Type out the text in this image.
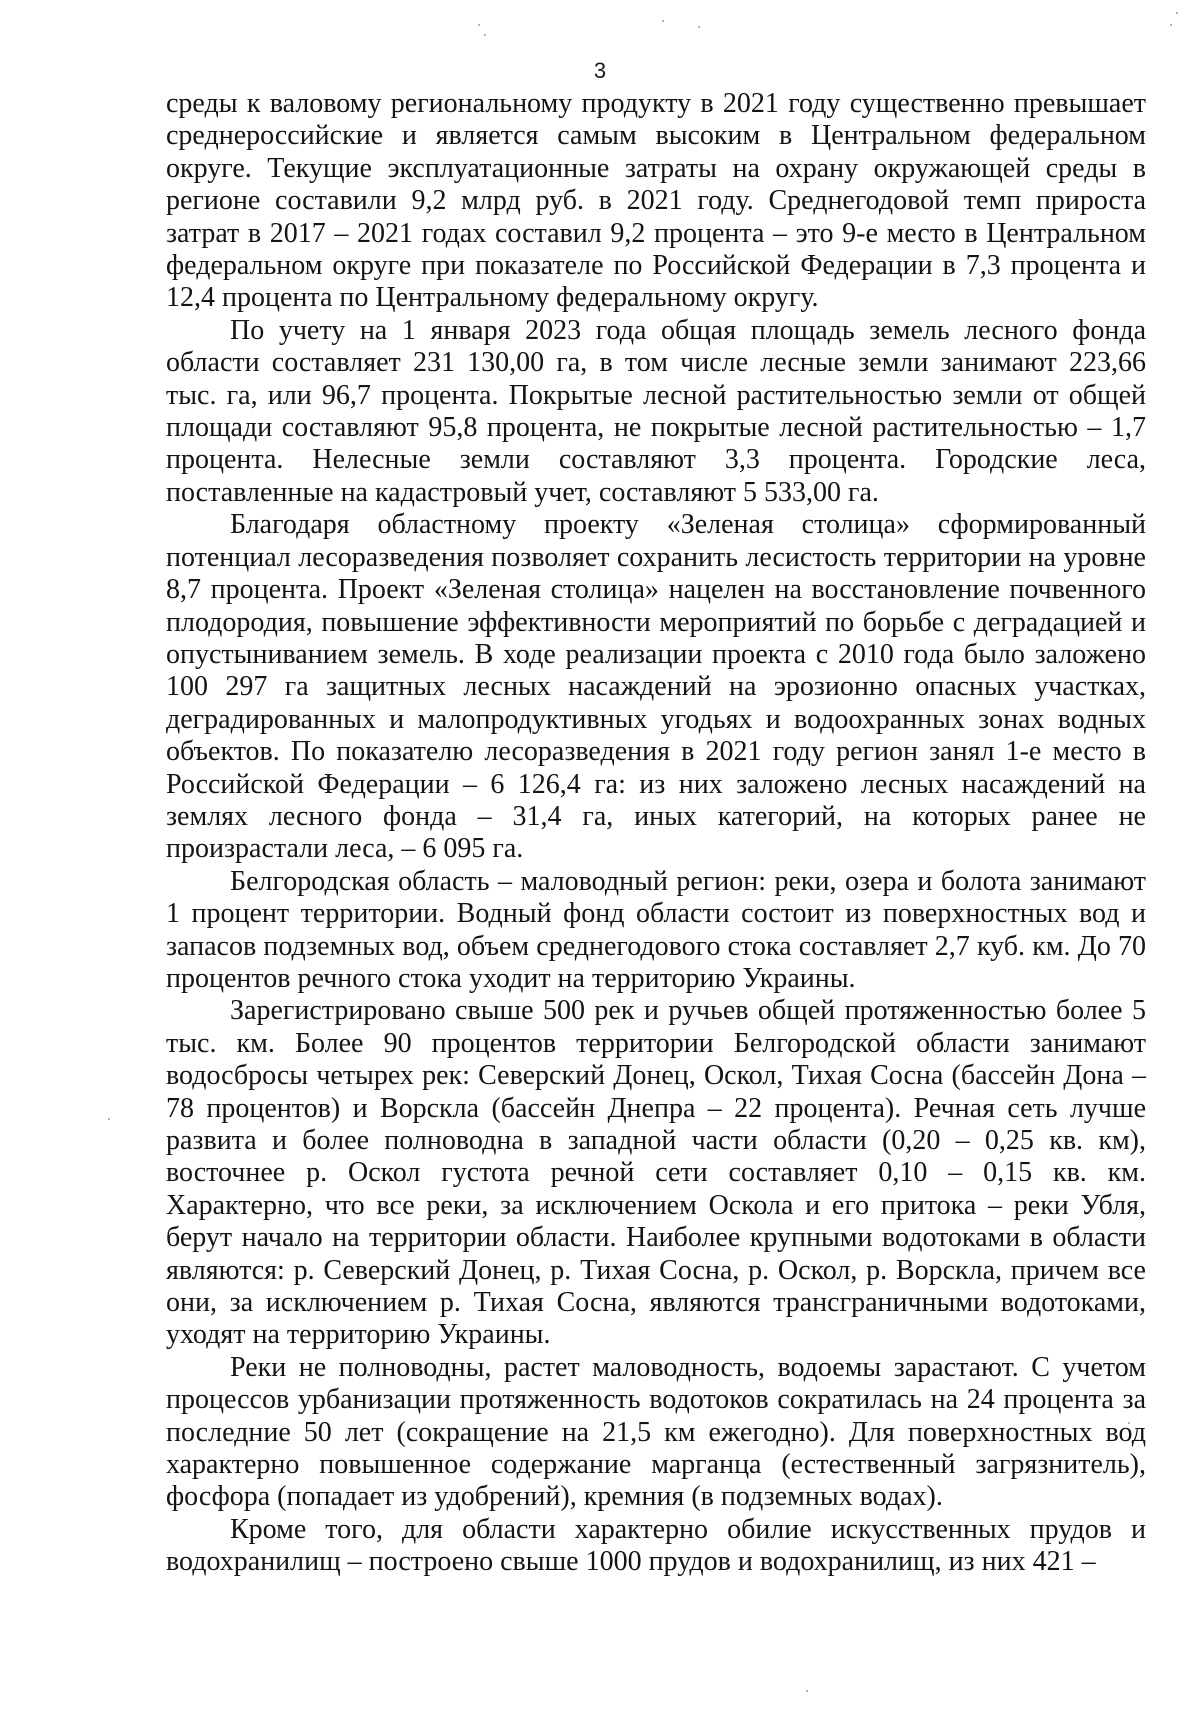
3

среды к валовому региональному продукту в 2021 году существенно превышает среднероссийские и является самым высоким в Центральном федеральном округе. Текущие эксплуатационные затраты на охрану окружающей среды в регионе составили 9,2 млрд руб. в 2021 году. Среднегодовой темп прироста затрат в 2017 – 2021 годах составил 9,2 процента – это 9-е место в Центральном федеральном округе при показателе по Российской Федерации в 7,3 процента и 12,4 процента по Центральному федеральному округу.

По учету на 1 января 2023 года общая площадь земель лесного фонда области составляет 231 130,00 га, в том числе лесные земли занимают 223,66 тыс. га, или 96,7 процента. Покрытые лесной растительностью земли от общей площади составляют 95,8 процента, не покрытые лесной растительностью – 1,7 процента. Нелесные земли составляют 3,3 процента. Городские леса, поставленные на кадастровый учет, составляют 5 533,00 га.

Благодаря областному проекту «Зеленая столица» сформированный потенциал лесоразведения позволяет сохранить лесистость территории на уровне 8,7 процента. Проект «Зеленая столица» нацелен на восстановление почвенного плодородия, повышение эффективности мероприятий по борьбе с деградацией и опустыниванием земель. В ходе реализации проекта с 2010 года было заложено 100 297 га защитных лесных насаждений на эрозионно опасных участках, деградированных и малопродуктивных угодьях и водоохранных зонах водных объектов. По показателю лесоразведения в 2021 году регион занял 1-е место в Российской Федерации – 6 126,4 га: из них заложено лесных насаждений на землях лесного фонда – 31,4 га, иных категорий, на которых ранее не произрастали леса, – 6 095 га.

Белгородская область – маловодный регион: реки, озера и болота занимают 1 процент территории. Водный фонд области состоит из поверхностных вод и запасов подземных вод, объем среднегодового стока составляет 2,7 куб. км. До 70 процентов речного стока уходит на территорию Украины.

Зарегистрировано свыше 500 рек и ручьев общей протяженностью более 5 тыс. км. Более 90 процентов территории Белгородской области занимают водосбросы четырех рек: Северский Донец, Оскол, Тихая Сосна (бассейн Дона – 78 процентов) и Ворскла (бассейн Днепра – 22 процента). Речная сеть лучше развита и более полноводна в западной части области (0,20 – 0,25 кв. км), восточнее р. Оскол густота речной сети составляет 0,10 – 0,15 кв. км. Характерно, что все реки, за исключением Оскола и его притока – реки Убля, берут начало на территории области. Наиболее крупными водотоками в области являются: р. Северский Донец, р. Тихая Сосна, р. Оскол, р. Ворскла, причем все они, за исключением р. Тихая Сосна, являются трансграничными водотоками, уходят на территорию Украины.

Реки не полноводны, растет маловодность, водоемы зарастают. С учетом процессов урбанизации протяженность водотоков сократилась на 24 процента за последние 50 лет (сокращение на 21,5 км ежегодно). Для поверхностных вод характерно повышенное содержание марганца (естественный загрязнитель), фосфора (попадает из удобрений), кремния (в подземных водах).

Кроме того, для области характерно обилие искусственных прудов и водохранилищ – построено свыше 1000 прудов и водохранилищ, из них 421 –
